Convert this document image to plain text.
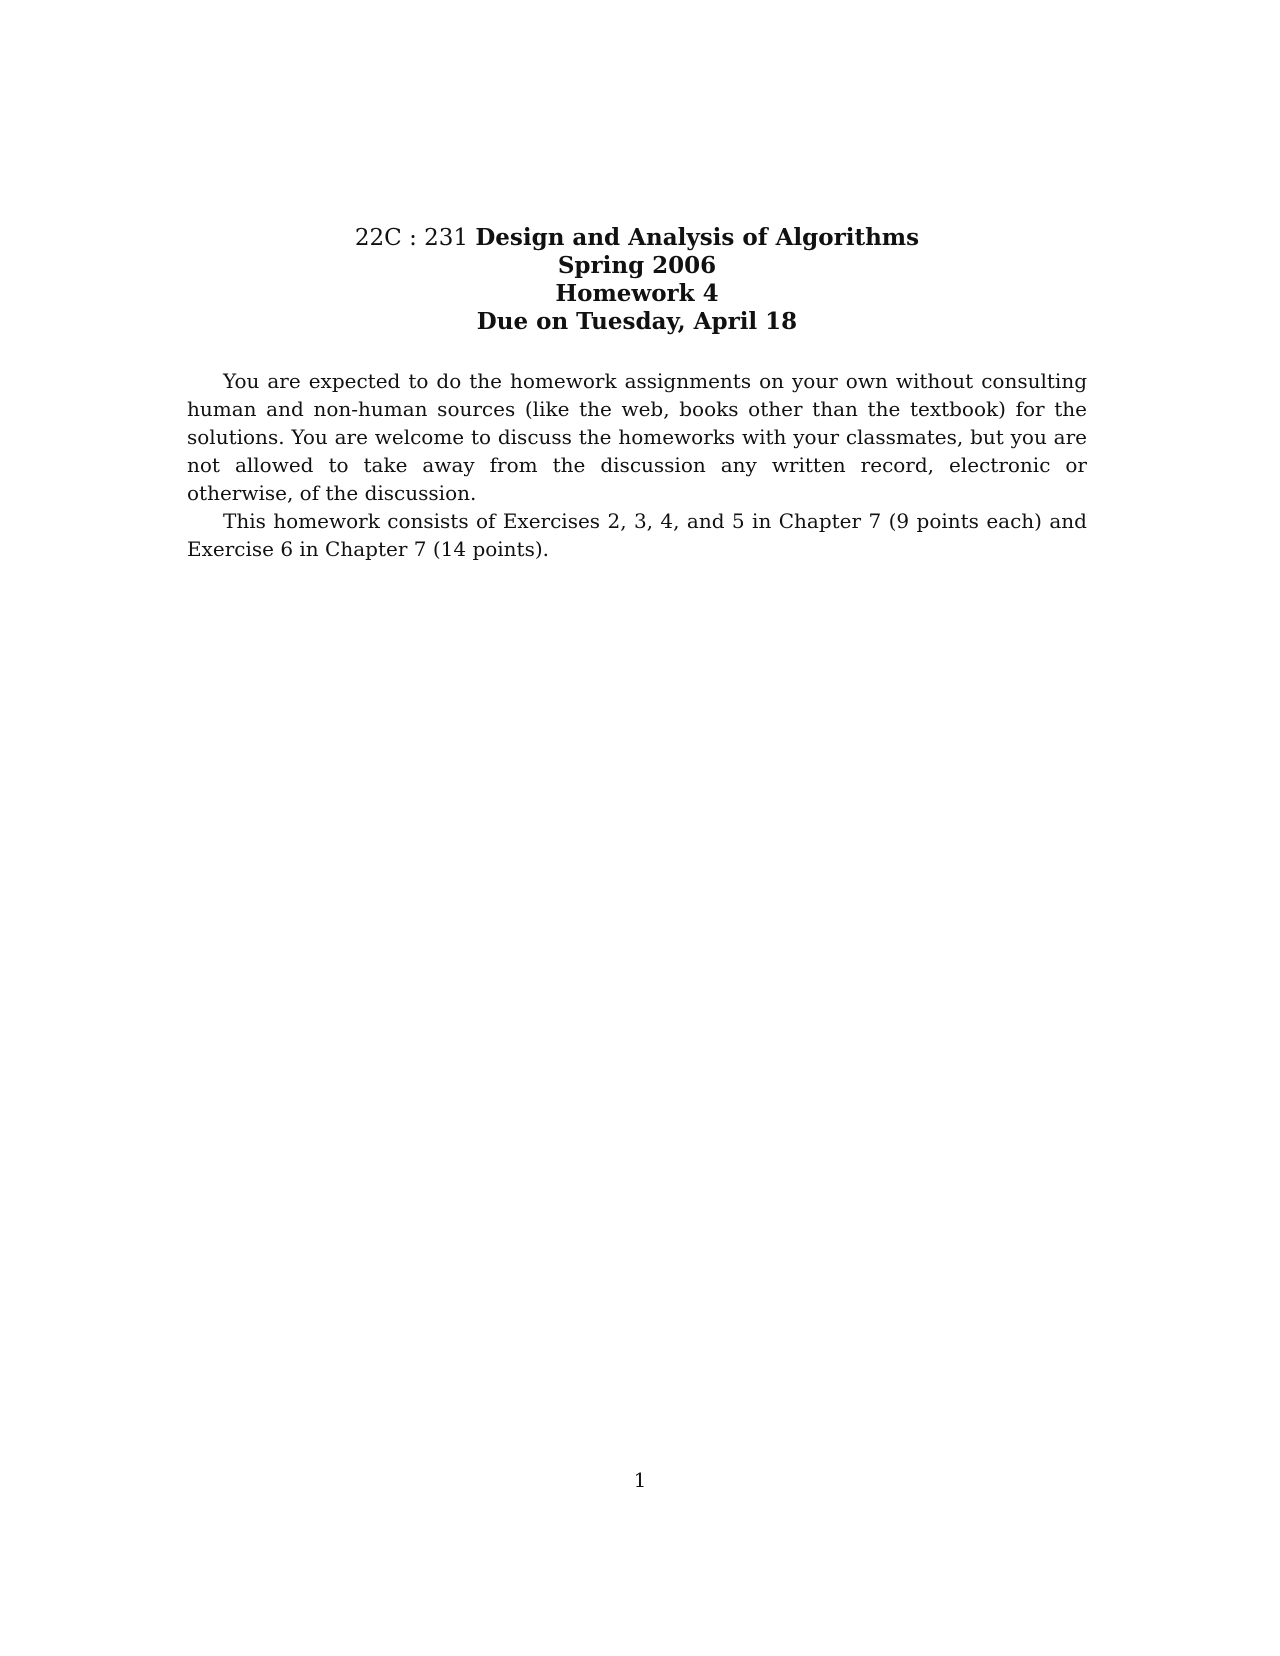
22C : 231 Design and Analysis of Algorithms
Spring 2006
Homework 4
Due on Tuesday, April 18

You are expected to do the homework assignments on your own without consulting human and non-human sources (like the web, books other than the textbook) for the solutions. You are welcome to discuss the homeworks with your classmates, but you are not allowed to take away from the discussion any written record, electronic or otherwise, of the discussion.

This homework consists of Exercises 2, 3, 4, and 5 in Chapter 7 (9 points each) and Exercise 6 in Chapter 7 (14 points).

1
